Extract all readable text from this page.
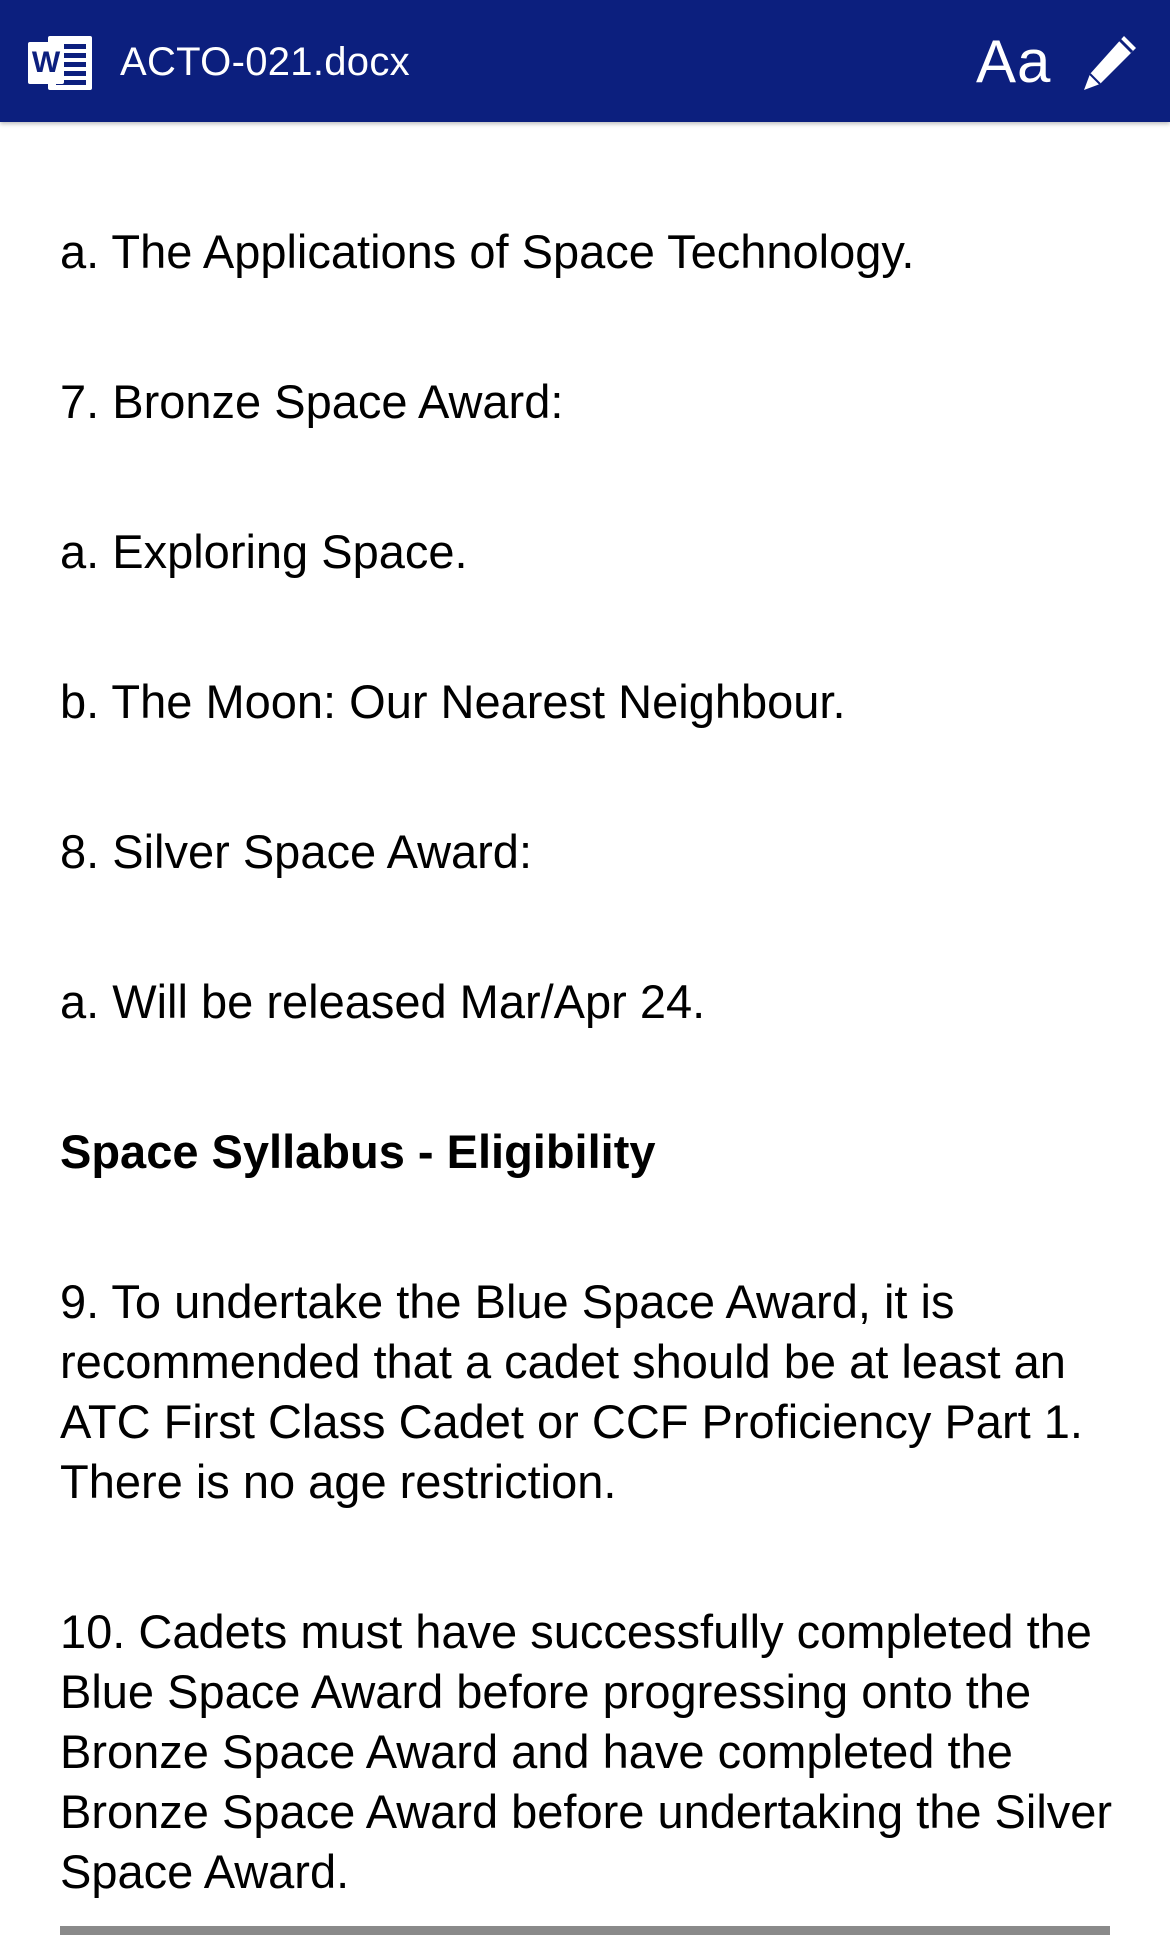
W ACTO-021.docx	Aa

a. The Applications of Space Technology.

7. Bronze Space Award:

a. Exploring Space.

b. The Moon: Our Nearest Neighbour.

8. Silver Space Award:

a. Will be released Mar/Apr 24.

Space Syllabus - Eligibility

9. To undertake the Blue Space Award, it is recommended that a cadet should be at least an ATC First Class Cadet or CCF Proficiency Part 1. There is no age restriction.

10. Cadets must have successfully completed the Blue Space Award before progressing onto the Bronze Space Award and have completed the Bronze Space Award before undertaking the Silver Space Award.
